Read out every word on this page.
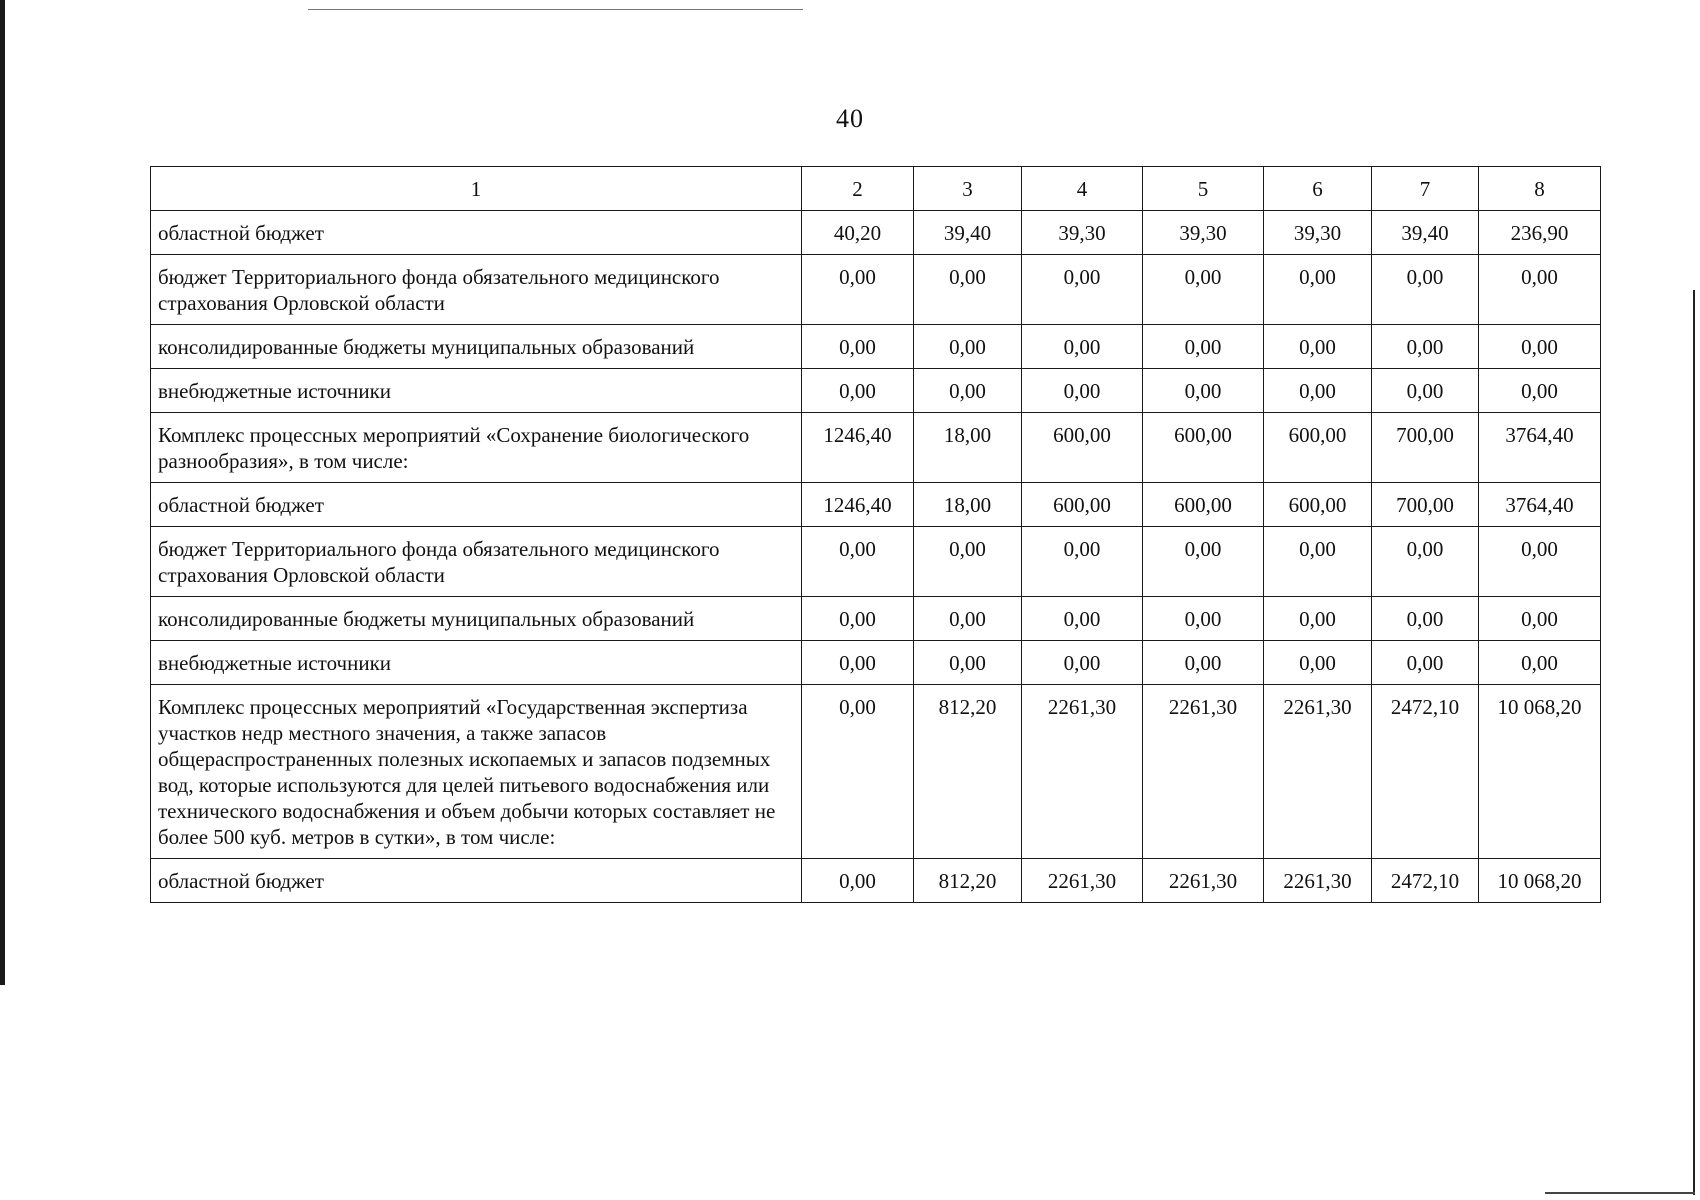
40
1	2	3	4	5	6	7	8
областной бюджет	40,20	39,40	39,30	39,30	39,30	39,40	236,90
бюджет Территориального фонда обязательного медицинского страхования Орловской области	0,00	0,00	0,00	0,00	0,00	0,00	0,00
консолидированные бюджеты муниципальных образований	0,00	0,00	0,00	0,00	0,00	0,00	0,00
внебюджетные источники	0,00	0,00	0,00	0,00	0,00	0,00	0,00
Комплекс процессных мероприятий «Сохранение биологического разнообразия», в том числе:	1246,40	18,00	600,00	600,00	600,00	700,00	3764,40
областной бюджет	1246,40	18,00	600,00	600,00	600,00	700,00	3764,40
бюджет Территориального фонда обязательного медицинского страхования Орловской области	0,00	0,00	0,00	0,00	0,00	0,00	0,00
консолидированные бюджеты муниципальных образований	0,00	0,00	0,00	0,00	0,00	0,00	0,00
внебюджетные источники	0,00	0,00	0,00	0,00	0,00	0,00	0,00
Комплекс процессных мероприятий «Государственная экспертиза участков недр местного значения, а также запасов общераспространенных полезных ископаемых и запасов подземных вод, которые используются для целей питьевого водоснабжения или технического водоснабжения и объем добычи которых составляет не более 500 куб. метров в сутки», в том числе:	0,00	812,20	2261,30	2261,30	2261,30	2472,10	10 068,20
областной бюджет	0,00	812,20	2261,30	2261,30	2261,30	2472,10	10 068,20
